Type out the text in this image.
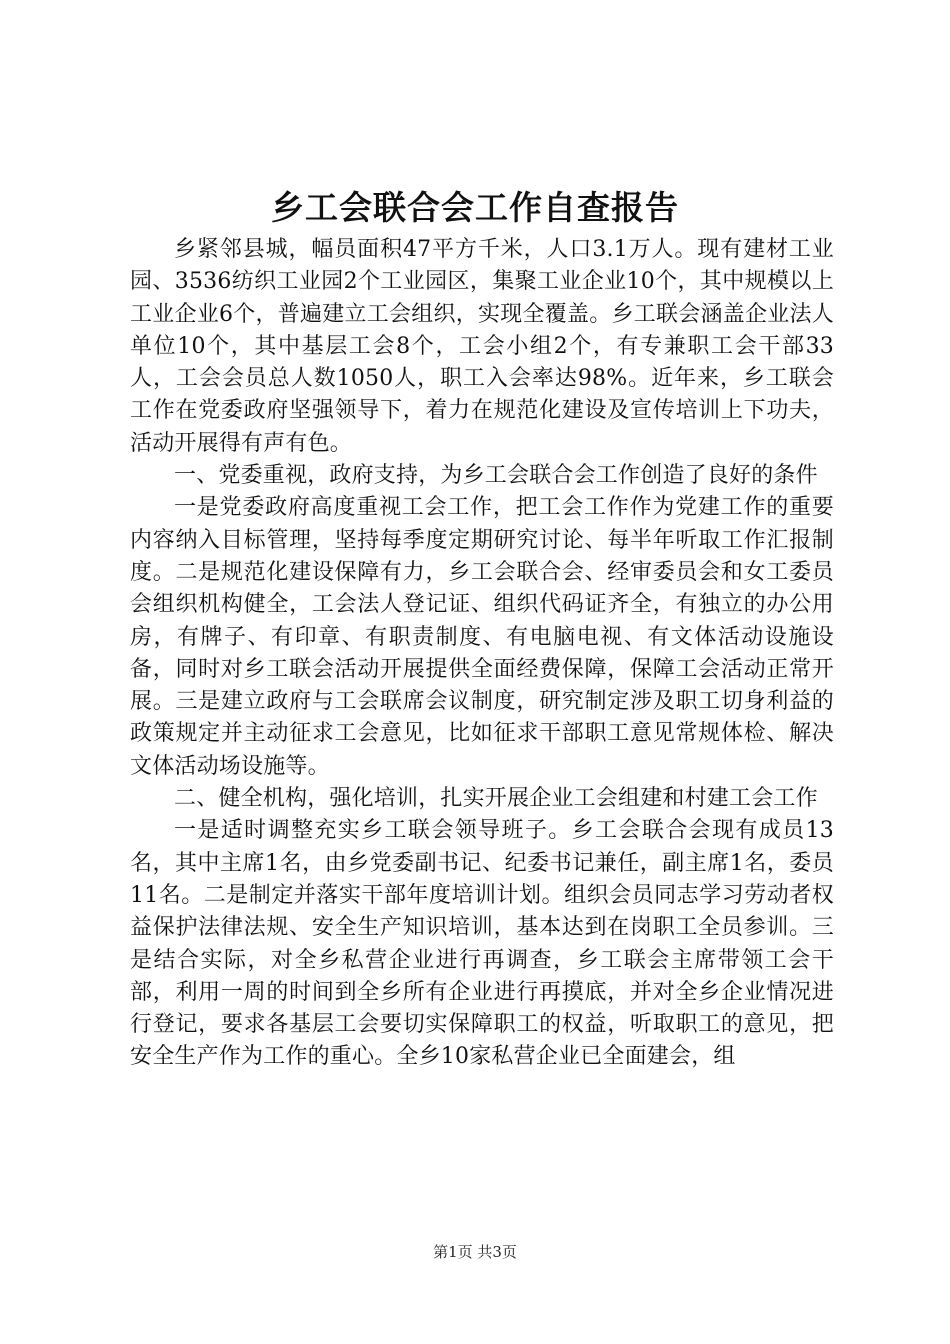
乡工会联合会工作自查报告

乡紧邻县城，幅员面积47平方千米，人口3.1万人。现有建材工业园、3536纺织工业园2个工业园区，集聚工业企业10个，其中规模以上工业企业6个，普遍建立工会组织，实现全覆盖。乡工联会涵盖企业法人单位10个，其中基层工会8个，工会小组2个，有专兼职工会干部33人，工会会员总人数1050人，职工入会率达98%。近年来，乡工联会工作在党委政府坚强领导下，着力在规范化建设及宣传培训上下功夫，活动开展得有声有色。

一、党委重视，政府支持，为乡工会联合会工作创造了良好的条件

一是党委政府高度重视工会工作，把工会工作作为党建工作的重要内容纳入目标管理，坚持每季度定期研究讨论、每半年听取工作汇报制度。二是规范化建设保障有力，乡工会联合会、经审委员会和女工委员会组织机构健全，工会法人登记证、组织代码证齐全，有独立的办公用房，有牌子、有印章、有职责制度、有电脑电视、有文体活动设施设备，同时对乡工联会活动开展提供全面经费保障，保障工会活动正常开展。三是建立政府与工会联席会议制度，研究制定涉及职工切身利益的政策规定并主动征求工会意见，比如征求干部职工意见常规体检、解决文体活动场设施等。

二、健全机构，强化培训，扎实开展企业工会组建和村建工会工作

一是适时调整充实乡工联会领导班子。乡工会联合会现有成员13名，其中主席1名，由乡党委副书记、纪委书记兼任，副主席1名，委员11名。二是制定并落实干部年度培训计划。组织会员同志学习劳动者权益保护法律法规、安全生产知识培训，基本达到在岗职工全员参训。三是结合实际，对全乡私营企业进行再调查，乡工联会主席带领工会干部，利用一周的时间到全乡所有企业进行再摸底，并对全乡企业情况进行登记，要求各基层工会要切实保障职工的权益，听取职工的意见，把安全生产作为工作的重心。全乡10家私营企业已全面建会，组

第1页 共3页
